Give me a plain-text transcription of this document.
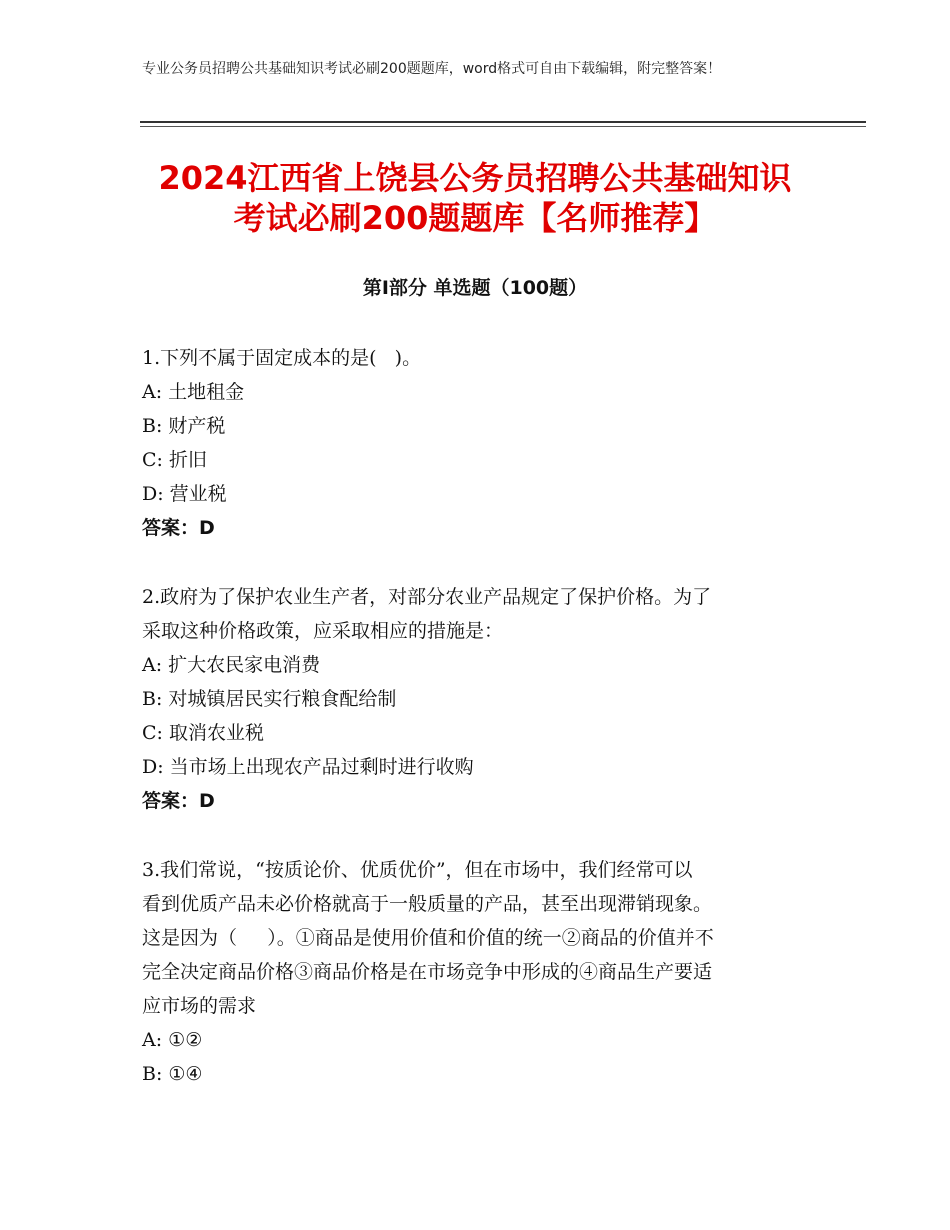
专业公务员招聘公共基础知识考试必刷200题题库，word格式可自由下载编辑，附完整答案！
2024江西省上饶县公务员招聘公共基础知识
考试必刷200题题库【名师推荐】
第Ⅰ部分 单选题（100题）
1.下列不属于固定成本的是(   )。
A: 土地租金
B: 财产税
C: 折旧
D: 营业税
答案：D
2.政府为了保护农业生产者，对部分农业产品规定了保护价格。为了
采取这种价格政策，应采取相应的措施是：
A: 扩大农民家电消费
B: 对城镇居民实行粮食配给制
C: 取消农业税
D: 当市场上出现农产品过剩时进行收购
答案：D
3.我们常说，“按质论价、优质优价”，但在市场中，我们经常可以
看到优质产品未必价格就高于一般质量的产品，甚至出现滞销现象。
这是因为（     ）。①商品是使用价值和价值的统一②商品的价值并不
完全决定商品价格③商品价格是在市场竞争中形成的④商品生产要适
应市场的需求
A: ①②
B: ①④
